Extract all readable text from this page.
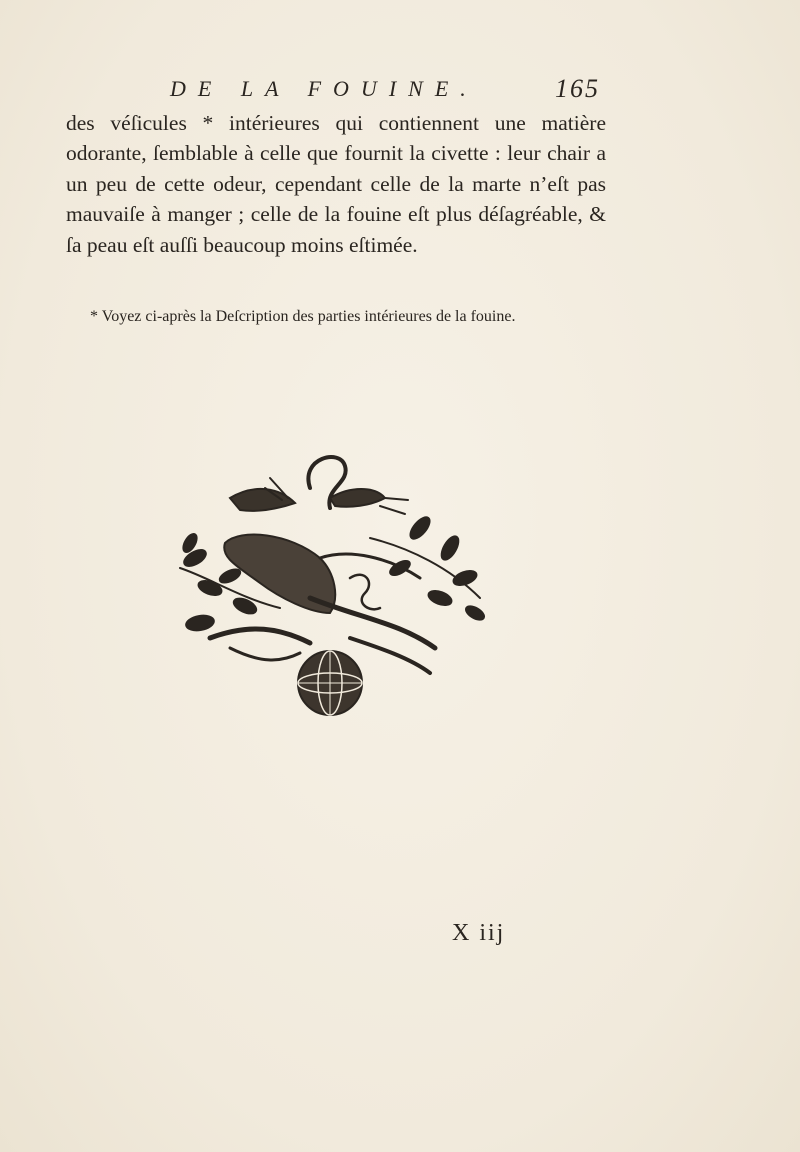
DE LA FOUINE.	165

des véſicules * intérieures qui contiennent une matière odorante, ſemblable à celle que fournit la civette : leur chair a un peu de cette odeur, cependant celle de la marte n’eſt pas mauvaiſe à manger ; celle de la fouine eſt plus déſagréable, & ſa peau eſt auſſi beaucoup moins eſtimée.

* Voyez ci-après la Deſcription des parties intérieures de la fouine.
X iij
